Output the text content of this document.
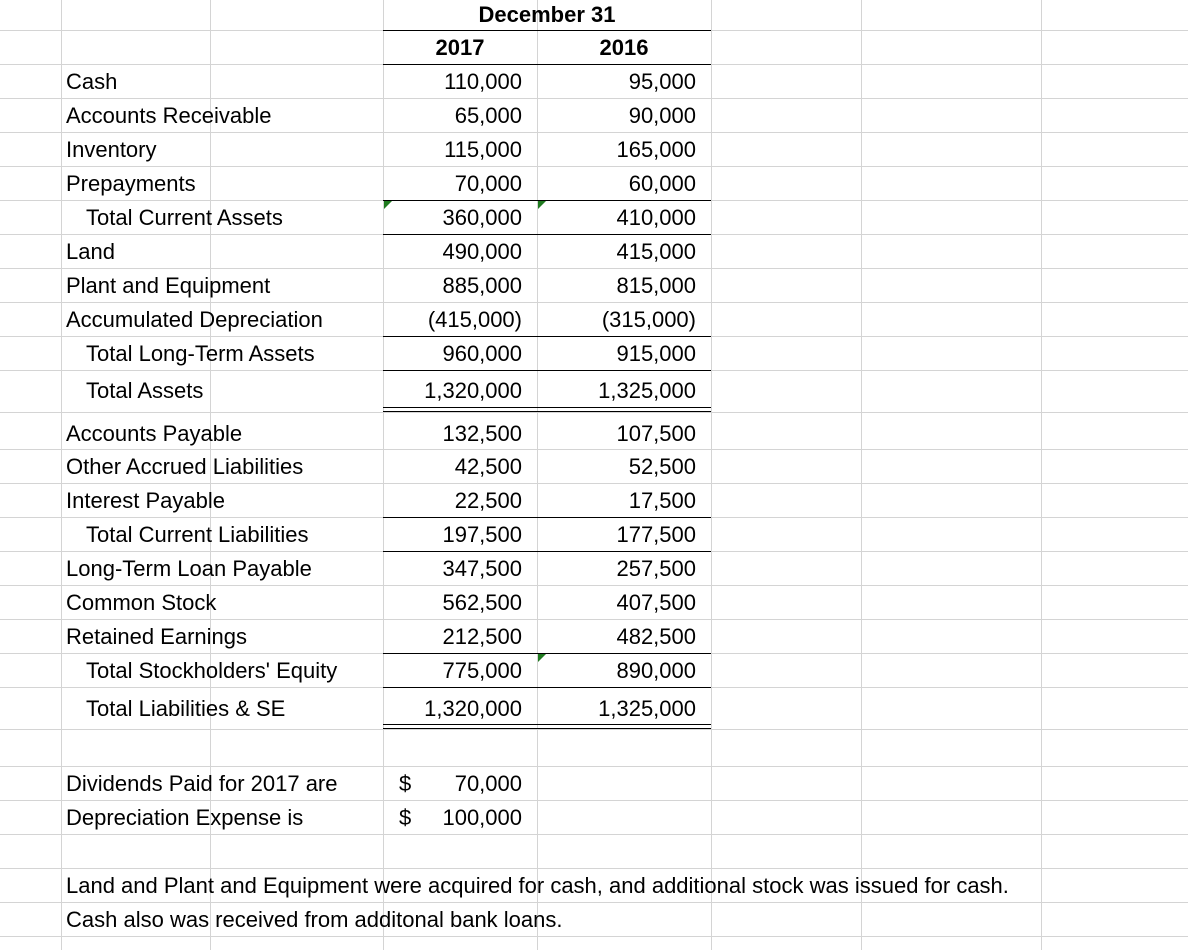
December 31
2017	2016
Cash	110,000	95,000
Accounts Receivable	65,000	90,000
Inventory	115,000	165,000
Prepayments	70,000	60,000
Total Current Assets	360,000	410,000
Land	490,000	415,000
Plant and Equipment	885,000	815,000
Accumulated Depreciation	(415,000)	(315,000)
Total Long-Term Assets	960,000	915,000
Total Assets	1,320,000	1,325,000
Accounts Payable	132,500	107,500
Other Accrued Liabilities	42,500	52,500
Interest Payable	22,500	17,500
Total Current Liabilities	197,500	177,500
Long-Term Loan Payable	347,500	257,500
Common Stock	562,500	407,500
Retained Earnings	212,500	482,500
Total Stockholders' Equity	775,000	890,000
Total Liabilities & SE	1,320,000	1,325,000
Dividends Paid for 2017 are	$	70,000
Depreciation Expense is	$	100,000
Land and Plant and Equipment were acquired for cash, and additional stock was issued for cash.
Cash also was received from additonal bank loans.
